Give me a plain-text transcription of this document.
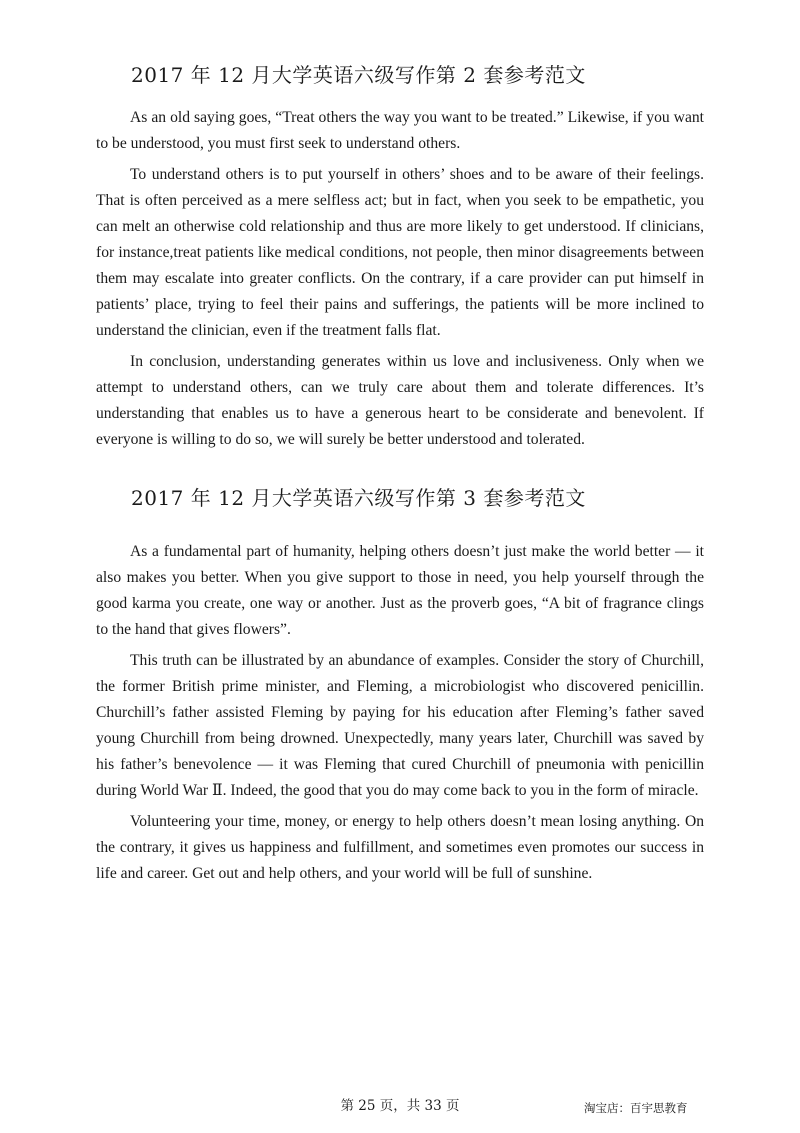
2017 年 12 月大学英语六级写作第 2 套参考范文

As an old saying goes, “Treat others the way you want to be treated.” Likewise, if you want to be understood, you must first seek to understand others.

To understand others is to put yourself in others’ shoes and to be aware of their feelings. That is often perceived as a mere selfless act; but in fact, when you seek to be empathetic, you can melt an otherwise cold relationship and thus are more likely to get understood. If clinicians, for instance,treat patients like medical conditions, not people, then minor disagreements between them may escalate into greater conflicts. On the contrary, if a care provider can put himself in patients’ place, trying to feel their pains and sufferings, the patients will be more inclined to understand the clinician, even if the treatment falls flat.

In conclusion, understanding generates within us love and inclusiveness. Only when we attempt to understand others, can we truly care about them and tolerate differences. It’s understanding that enables us to have a generous heart to be considerate and benevolent. If everyone is willing to do so, we will surely be better understood and tolerated.

2017 年 12 月大学英语六级写作第 3 套参考范文

As a fundamental part of humanity, helping others doesn’t just make the world better — it also makes you better. When you give support to those in need, you help yourself through the good karma you create, one way or another. Just as the proverb goes, “A bit of fragrance clings to the hand that gives flowers”.

This truth can be illustrated by an abundance of examples. Consider the story of Churchill, the former British prime minister, and Fleming, a microbiologist who discovered penicillin. Churchill’s father assisted Fleming by paying for his education after Fleming’s father saved young Churchill from being drowned. Unexpectedly, many years later, Churchill was saved by his father’s benevolence — it was Fleming that cured Churchill of pneumonia with penicillin during World War Ⅱ. Indeed, the good that you do may come back to you in the form of miracle.

Volunteering your time, money, or energy to help others doesn’t mean losing anything. On the contrary, it gives us happiness and fulfillment, and sometimes even promotes our success in life and career. Get out and help others, and your world will be full of sunshine.

第 25 页，共 33 页	淘宝店：百宇思教育
